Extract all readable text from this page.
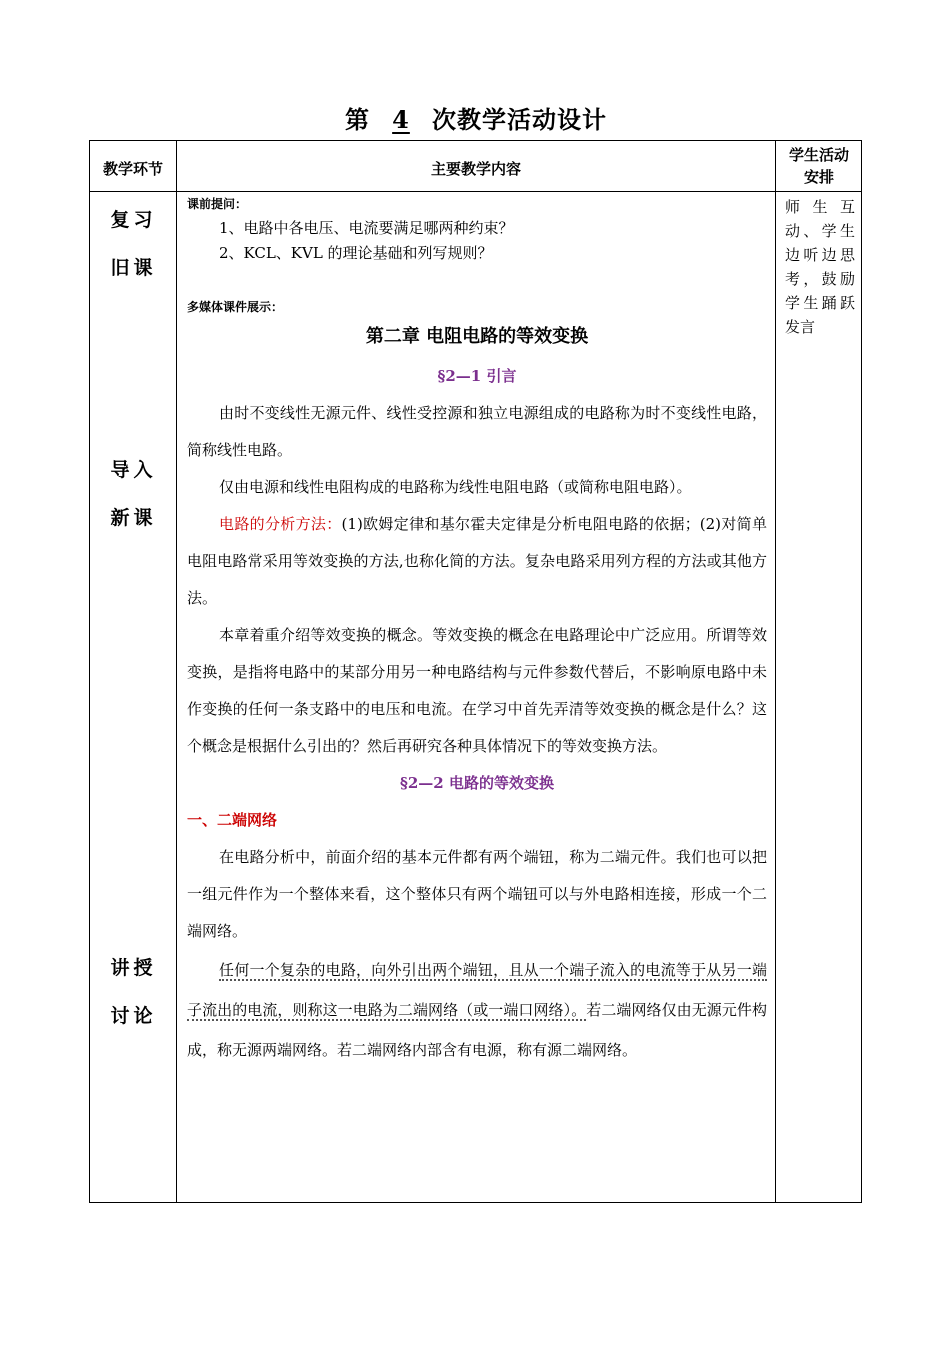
第 4 次教学活动设计
教学环节	主要教学内容
学生活动安排
复习
旧课
导入
新课
讲授
讨论
师生互动、学生边听边思考，鼓励学生踊跃发言
课前提问：
1、电路中各电压、电流要满足哪两种约束？
2、KCL、KVL 的理论基础和列写规则？
多媒体课件展示：
第二章 电阻电路的等效变换
§2—1 引言

由时不变线性无源元件、线性受控源和独立电源组成的电路称为时不变线性电路，简称线性电路。

仅由电源和线性电阻构成的电路称为线性电阻电路（或简称电阻电路）。

电路的分析方法：(1)欧姆定律和基尔霍夫定律是分析电阻电路的依据；(2)对简单电阻电路常采用等效变换的方法,也称化简的方法。复杂电路采用列方程的方法或其他方法。

本章着重介绍等效变换的概念。等效变换的概念在电路理论中广泛应用。所谓等效变换，是指将电路中的某部分用另一种电路结构与元件参数代替后，不影响原电路中未作变换的任何一条支路中的电压和电流。在学习中首先弄清等效变换的概念是什么？这个概念是根据什么引出的？然后再研究各种具体情况下的等效变换方法。

§2—2 电路的等效变换
一、二端网络

在电路分析中，前面介绍的基本元件都有两个端钮，称为二端元件。我们也可以把一组元件作为一个整体来看，这个整体只有两个端钮可以与外电路相连接，形成一个二端网络。

任何一个复杂的电路，向外引出两个端钮，且从一个端子流入的电流等于从另一端子流出的电流，则称这一电路为二端网络（或一端口网络）。若二端网络仅由无源元件构成，称无源两端网络。若二端网络内部含有电源，称有源二端网络。
